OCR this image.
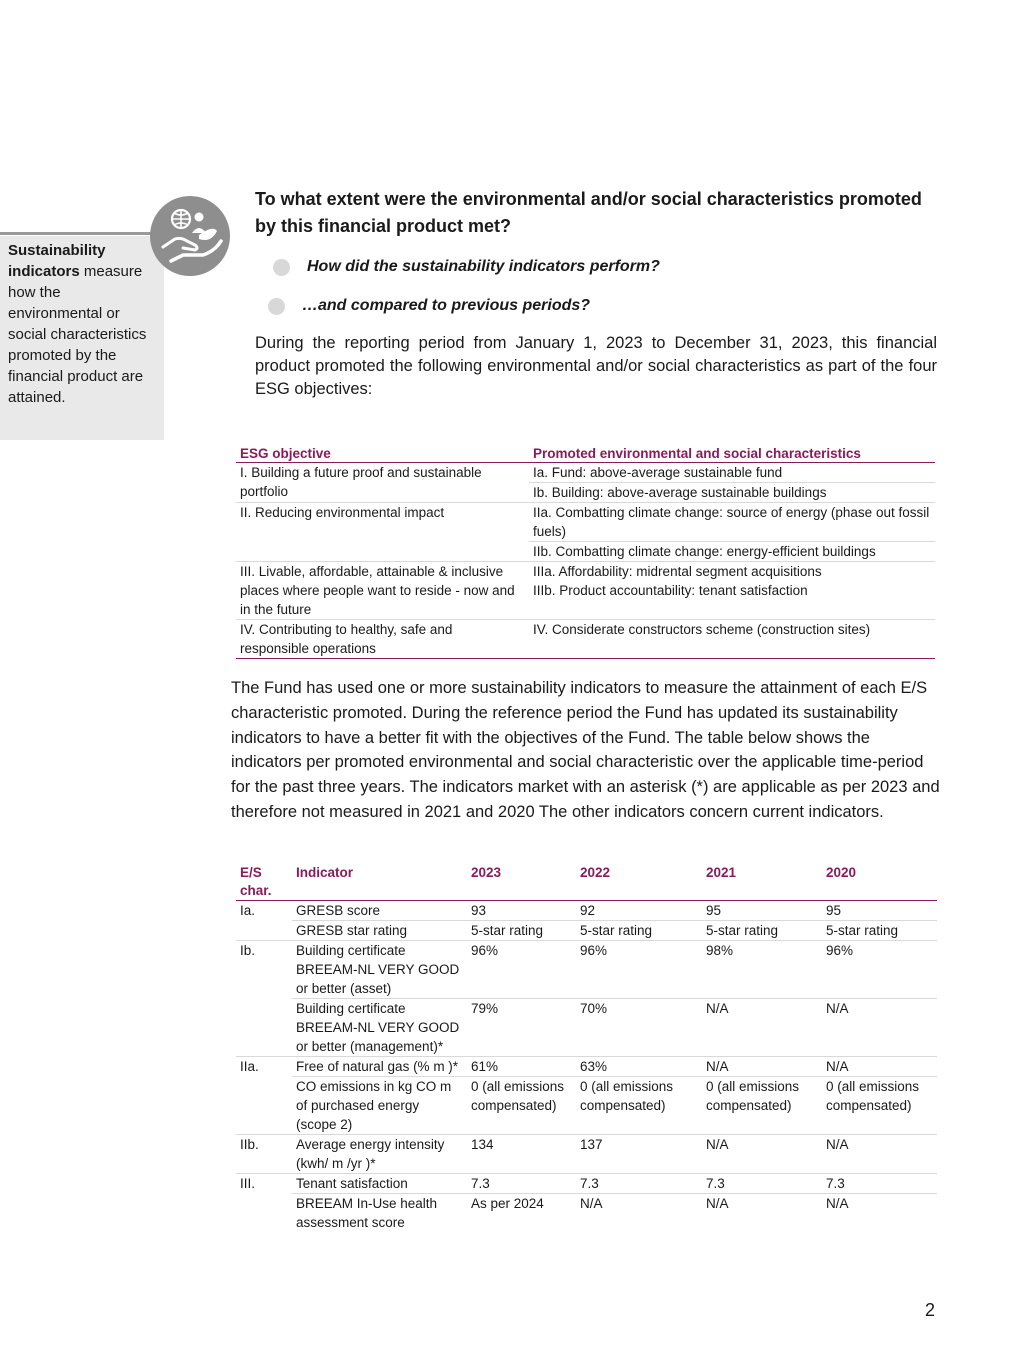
Sustainability indicators measure how the environmental or social characteristics promoted by the financial product are attained.

To what extent were the environmental and/or social characteristics promoted by this financial product met?

How did the sustainability indicators perform?
…and compared to previous periods?

During the reporting period from January 1, 2023 to December 31, 2023, this financial product promoted the following environmental and/or social characteristics as part of the four ESG objectives:

ESG objective	Promoted environmental and social characteristics
I. Building a future proof and sustainable portfolio	Ia. Fund: above-average sustainable fund
	Ib. Building: above-average sustainable buildings
II. Reducing environmental impact	IIa. Combatting climate change: source of energy (phase out fossil fuels)
	IIb. Combatting climate change: energy-efficient buildings
III. Livable, affordable, attainable & inclusive places where people want to reside - now and in the future	IIIa. Affordability: midrental segment acquisitions
IIIb. Product accountability: tenant satisfaction

IV. Contributing to healthy, safe and responsible operations	IV. Considerate constructors scheme (construction sites)

The Fund has used one or more sustainability indicators to measure the attainment of each E/S characteristic promoted. During the reference period the Fund has updated its sustainability indicators to have a better fit with the objectives of the Fund. The table below shows the indicators per promoted environmental and social characteristic over the applicable time-period for the past three years. The indicators market with an asterisk (*) are applicable as per 2023 and therefore not measured in 2021 and 2020 The other indicators concern current indicators.

E/S char.	Indicator	2023	2022	2021	2020
Ia.	GRESB score	93	92	95	95
	GRESB star rating	5-star rating	5-star rating	5-star rating	5-star rating
Ib.	Building certificate BREEAM-NL VERY GOOD or better (asset)	96%	96%	98%	96%
	Building certificate BREEAM-NL VERY GOOD or better (management)*	79%	70%	N/A	N/A
IIa.	Free of natural gas (% m )*	61%	63%	N/A	N/A
	CO emissions in kg CO m of purchased energy (scope 2)	0 (all emissions compensated)	0 (all emissions compensated)	0 (all emissions compensated)	0 (all emissions compensated)
IIb.	Average energy intensity (kwh/ m /yr )*	134	137	N/A	N/A
III.	Tenant satisfaction	7.3	7.3	7.3	7.3
	BREEAM In-Use health assessment score	As per 2024	N/A	N/A	N/A
2
